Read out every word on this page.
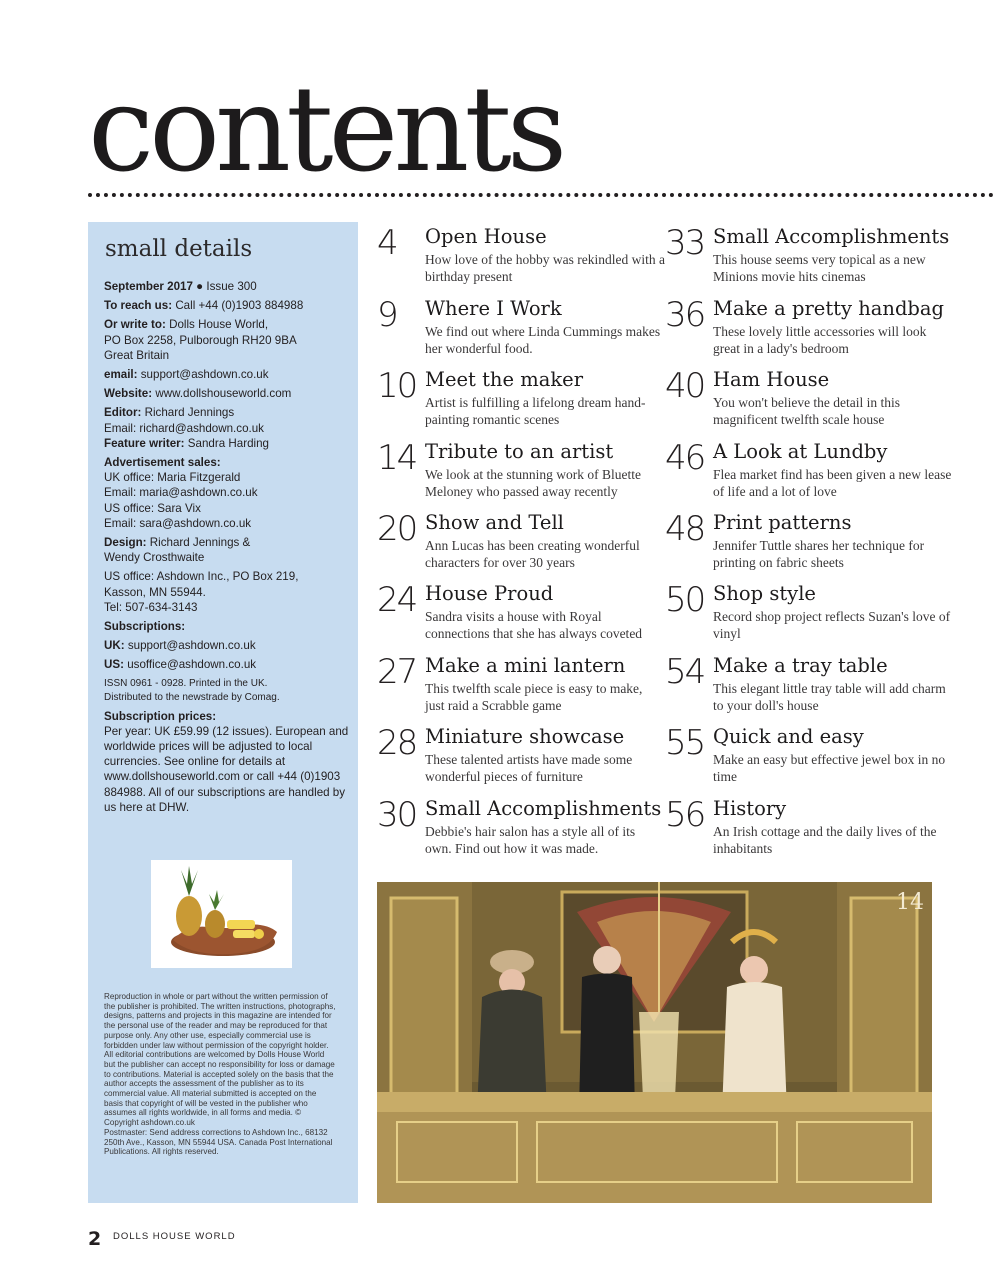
contents
small details

September 2017 ● Issue 300

To reach us: Call +44 (0)1903 884988

Or write to: Dolls House World,
PO Box 2258, Pulborough RH20 9BA
Great Britain

email: support@ashdown.co.uk

Website: www.dollshouseworld.com

Editor: Richard Jennings
Email: richard@ashdown.co.uk

Feature writer: Sandra Harding

Advertisement sales:
UK office: Maria Fitzgerald
Email: maria@ashdown.co.uk

US office: Sara Vix
Email: sara@ashdown.co.uk

Design: Richard Jennings &
Wendy Crosthwaite

US office: Ashdown Inc., PO Box 219,
Kasson, MN 55944.
Tel: 507-634-3143

Subscriptions:

UK: support@ashdown.co.uk

US: usoffice@ashdown.co.uk

ISSN 0961 - 0928. Printed in the UK.
Distributed to the newstrade by Comag.

Subscription prices:
Per year: UK £59.99 (12 issues). European and worldwide prices will be adjusted to local currencies. See online for details at www.dollshouseworld.com or call +44 (0)1903 884988. All of our subscriptions are handled by us here at DHW.

Reproduction in whole or part without the written permission of the publisher is prohibited. The written instructions, photographs, designs, patterns and projects in this magazine are intended for the personal use of the reader and may be reproduced for that purpose only. Any other use, especially commercial use is forbidden under law without permission of the copyright holder. All editorial contributions are welcomed by Dolls House World but the publisher can accept no responsibility for loss or damage to contributions. Material is accepted solely on the basis that the author accepts the assessment of the publisher as to its commercial value. All material submitted is accepted on the basis that copyright of will be vested in the publisher who assumes all rights worldwide, in all forms and media. © Copyright ashdown.co.uk

Postmaster: Send address corrections to Ashdown Inc., 68132 250th Ave., Kasson, MN 55944 USA. Canada Post International Publications. All rights reserved.

4	Open House
How love of the hobby was rekindled with a birthday present
9	Where I Work
We find out where Linda Cummings makes her wonderful food.
10 Meet the maker
Artist is fulfilling a lifelong dream hand-painting romantic scenes
14 Tribute to an artist
We look at the stunning work of Bluette Meloney who passed away recently
20 Show and Tell
Ann Lucas has been creating wonderful characters for over 30 years
24 House Proud
Sandra visits a house with Royal connections that she has always coveted
27 Make a mini lantern
This twelfth scale piece is easy to make, just raid a Scrabble game
28 Miniature showcase
These talented artists have made some wonderful pieces of furniture
30 Small Accomplishments
Debbie's hair salon has a style all of its own. Find out how it was made.
33 Small Accomplishments
This house seems very topical as a new Minions movie hits cinemas
36 Make a pretty handbag
These lovely little accessories will look great in a lady's bedroom
40 Ham House
You won't believe the detail in this magnificent twelfth scale house
46 A Look at Lundby
Flea market find has been given a new lease of life and a lot of love
48 Print patterns
Jennifer Tuttle shares her technique for printing on fabric sheets
50 Shop style
Record shop project reflects Suzan's love of vinyl
54 Make a tray table
This elegant little tray table will add charm to your doll's house
55 Quick and easy
Make an easy but effective jewel box in no time
56 History
An Irish cottage and the daily lives of the inhabitants
14
2 DOLLS HOUSE WORLD
